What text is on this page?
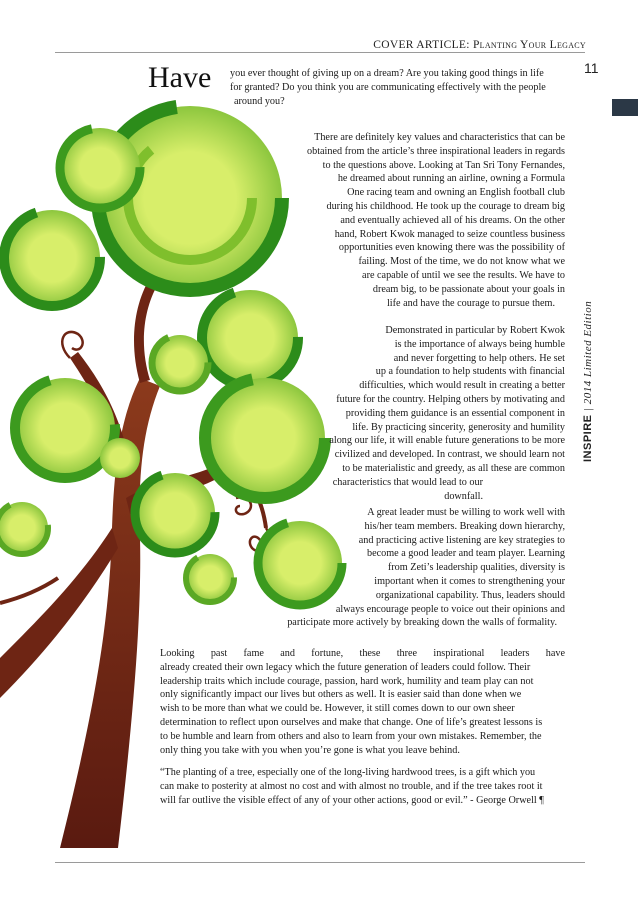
COVER ARTICLE: Planting Your Legacy
11
INSPIRE|2014 Limited Edition
Have you ever thought of giving up on a dream? Are you taking good things in life
for granted? Do you think you are communicating effectively with the people
around you?
There are definitely key values and characteristics that can be
obtained from the article’s three inspirational leaders in regards
to the questions above. Looking at Tan Sri Tony Fernandes,
he dreamed about running an airline, owning a Formula
One racing team and owning an English football club
during his childhood. He took up the courage to dream big
and eventually achieved all of his dreams. On the other
hand, Robert Kwok managed to seize countless business
opportunities even knowing there was the possibility of
failing. Most of the time, we do not know what we
are capable of until we see the results. We have to
dream big, to be passionate about your goals in
life and have the courage to pursue them.
Demonstrated in particular by Robert Kwok
is the importance of always being humble
and never forgetting to help others. He set
up a foundation to help students with financial
difficulties, which would result in creating a better
future for the country. Helping others by motivating and
providing them guidance is an essential component in
life. By practicing sincerity, generosity and humility
along our life, it will enable future generations to be more
civilized and developed. In contrast, we should learn not
to be materialistic and greedy, as all these are common
characteristics that would lead to our downfall.
A great leader must be willing to work well with
his/her team members. Breaking down hierarchy,
and practicing active listening are key strategies to
become a good leader and team player. Learning
from Zeti’s leadership qualities, diversity is
important when it comes to strengthening your
organizational capability. Thus, leaders should
always encourage people to voice out their opinions and
participate more actively by breaking down the walls of formality.
Looking past fame and fortune, these three inspirational leaders have
already created their own legacy which the future generation of leaders could follow. Their
leadership traits which include courage, passion, hard work, humility and team play can not
only significantly impact our lives but others as well. It is easier said than done when we
wish to be more than what we could be. However, it still comes down to our own sheer
determination to reflect upon ourselves and make that change. One of life’s greatest lessons is
to be humble and learn from others and also to learn from your own mistakes. Remember, the
only thing you take with you when you’re gone is what you leave behind.
“The planting of a tree, especially one of the long-living hardwood trees, is a gift which you
can make to posterity at almost no cost and with almost no trouble, and if the tree takes root it
will far outlive the visible effect of any of your other actions, good or evil.” - George Orwell ¶
